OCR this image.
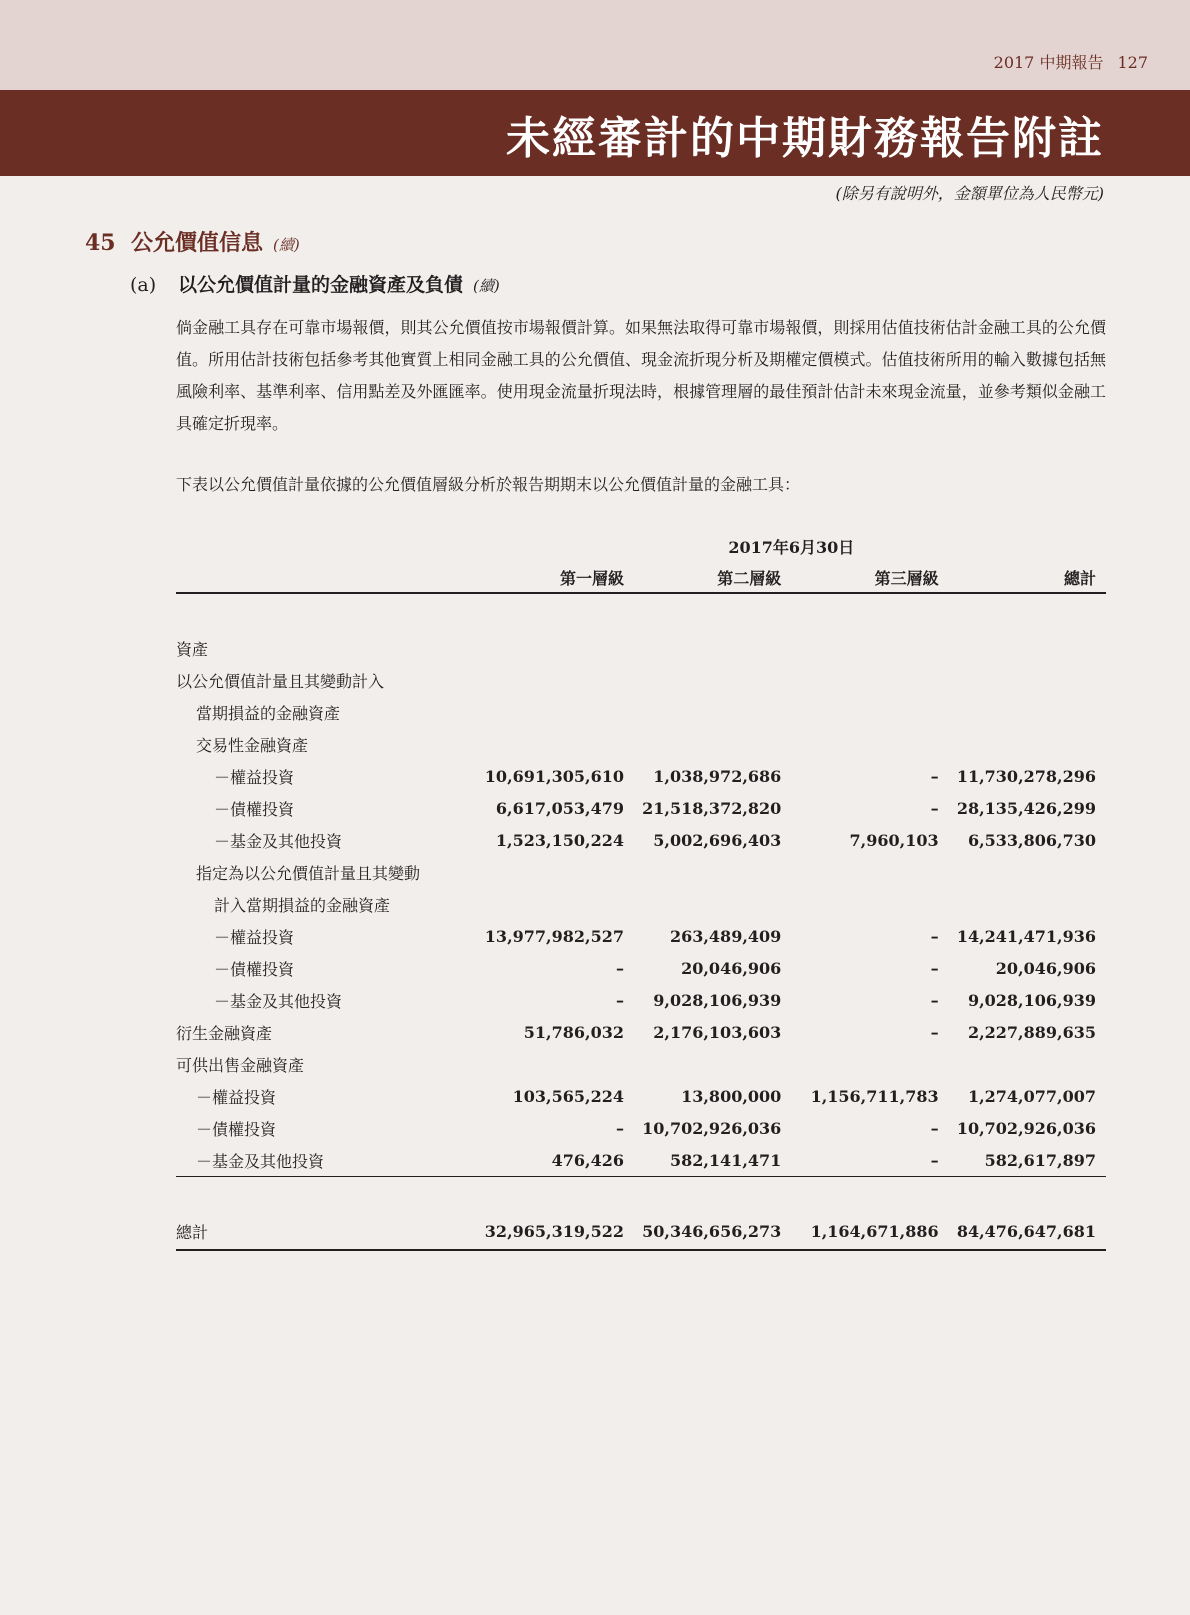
2017 中期報告 127
未經審計的中期財務報告附註
(除另有說明外，金額單位為人民幣元)
45 公允價值信息 (續)
(a) 以公允價值計量的金融資產及負債 (續)

倘金融工具存在可靠市場報價，則其公允價值按市場報價計算。如果無法取得可靠市場報價，則採用估值技術估計金融工具的公允價值。所用估計技術包括參考其他實質上相同金融工具的公允價值、現金流折現分析及期權定價模式。估值技術所用的輸入數據包括無風險利率、基準利率、信用點差及外匯匯率。使用現金流量折現法時，根據管理層的最佳預計估計未來現金流量，並參考類似金融工具確定折現率。

下表以公允價值計量依據的公允價值層級分析於報告期期末以公允價值計量的金融工具：

	2017年6月30日			
	第一層級	第二層級	第三層級	總計

資產				
以公允價值計量且其變動計入				
當期損益的金融資產				
交易性金融資產				
－權益投資	10,691,305,610	1,038,972,686	–	11,730,278,296
－債權投資	6,617,053,479	21,518,372,820	–	28,135,426,299
－基金及其他投資	1,523,150,224	5,002,696,403	7,960,103	6,533,806,730
指定為以公允價值計量且其變動				
計入當期損益的金融資產				
－權益投資	13,977,982,527	263,489,409	–	14,241,471,936
－債權投資	–	20,046,906	–	20,046,906
－基金及其他投資	–	9,028,106,939	–	9,028,106,939
衍生金融資產	51,786,032	2,176,103,603	–	2,227,889,635
可供出售金融資產				
－權益投資	103,565,224	13,800,000	1,156,711,783	1,274,077,007
－債權投資	–	10,702,926,036	–	10,702,926,036
－基金及其他投資	476,426	582,141,471	–	582,617,897

總計	32,965,319,522	50,346,656,273	1,164,671,886	84,476,647,681
